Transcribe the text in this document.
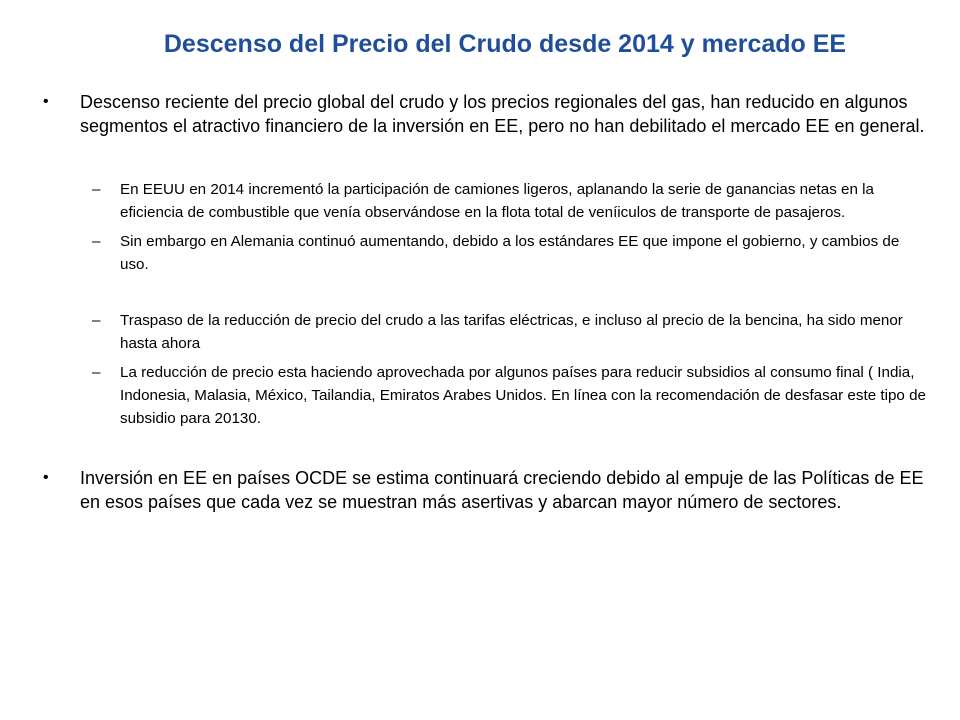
Descenso del Precio del Crudo desde 2014 y mercado EE
• Descenso reciente del precio global del crudo y los precios regionales del gas, han reducido en algunos segmentos el atractivo financiero de la inversión en EE, pero no han debilitado el mercado EE en general.
– En EEUU en 2014 incrementó la participación de camiones ligeros, aplanando la serie de ganancias netas en la eficiencia de combustible que venía observándose en la flota total de veníiculos de transporte de pasajeros.
– Sin embargo en Alemania continuó aumentando, debido a los estándares EE que impone el gobierno, y cambios de uso.
– Traspaso de la reducción de precio del crudo a las tarifas eléctricas, e incluso al precio de la bencina, ha sido menor hasta ahora
– La reducción de precio esta haciendo aprovechada por algunos países para reducir subsidios al consumo final ( India, Indonesia, Malasia, México, Tailandia, Emiratos Arabes Unidos. En línea con la recomendación de desfasar este tipo de subsidio para 20130.
• Inversión en EE en países OCDE se estima continuará creciendo debido al empuje de las Políticas de EE en esos países que cada vez se muestran más asertivas y abarcan mayor número de sectores.
